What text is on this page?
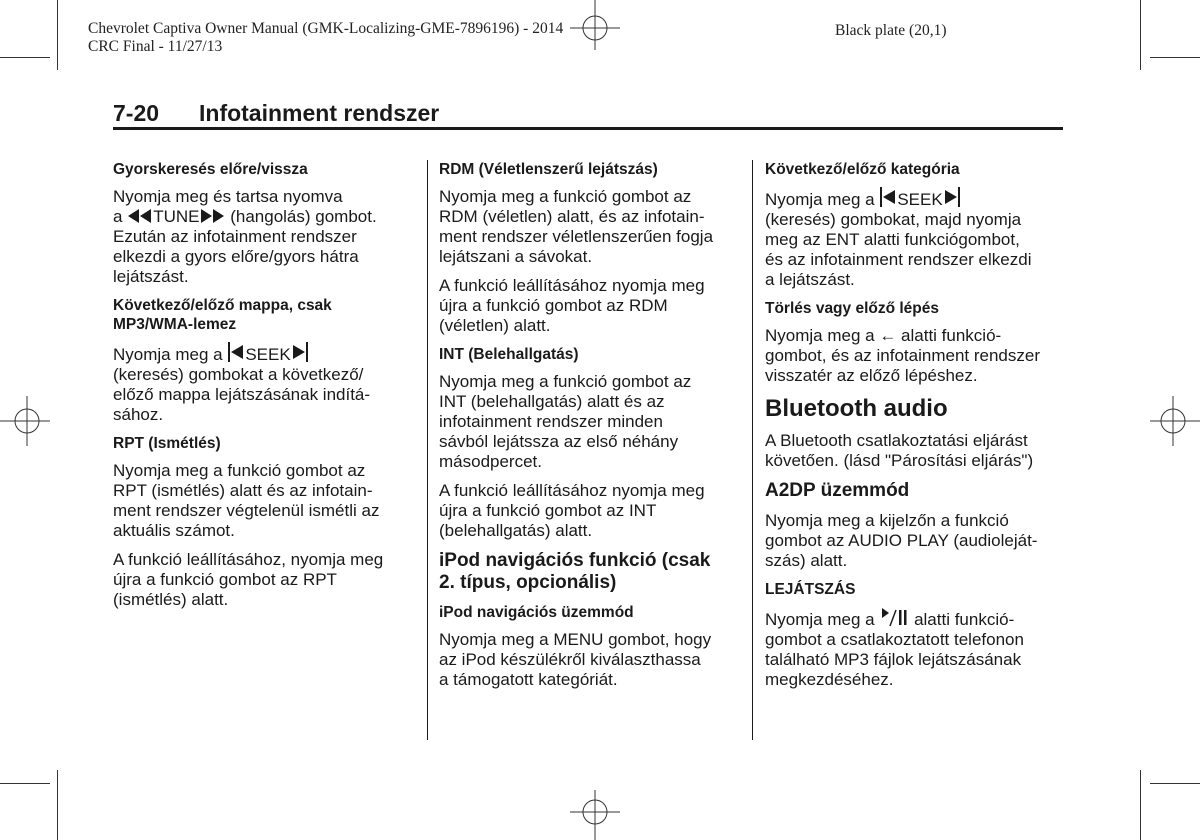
Chevrolet Captiva Owner Manual (GMK-Localizing-GME-7896196) - 2014
CRC Final - 11/27/13
Black plate (20,1)
7-20 Infotainment rendszer
Gyorskeresés előre/vissza
Nyomja meg és tartsa nyomva
a TUNE (hangolás) gombot.
Ezután az infotainment rendszer
elkezdi a gyors előre/gyors hátra
lejátszást.
Következő/előző mappa, csak
MP3/WMA-lemez
Nyomja meg a SEEK
(keresés) gombokat a következő/
előző mappa lejátszásának indítá-
sához.
RPT (Ismétlés)
Nyomja meg a funkció gombot az
RPT (ismétlés) alatt és az infotain-
ment rendszer végtelenül ismétli az
aktuális számot.
A funkció leállításához, nyomja meg
újra a funkció gombot az RPT
(ismétlés) alatt.
RDM (Véletlenszerű lejátszás)
Nyomja meg a funkció gombot az
RDM (véletlen) alatt, és az infotain-
ment rendszer véletlenszerűen fogja
lejátszani a sávokat.
A funkció leállításához nyomja meg
újra a funkció gombot az RDM
(véletlen) alatt.
INT (Belehallgatás)
Nyomja meg a funkció gombot az
INT (belehallgatás) alatt és az
infotainment rendszer minden
sávból lejátssza az első néhány
másodpercet.
A funkció leállításához nyomja meg
újra a funkció gombot az INT
(belehallgatás) alatt.
iPod navigációs funkció (csak
2. típus, opcionális)
iPod navigációs üzemmód
Nyomja meg a MENU gombot, hogy
az iPod készülékről kiválaszthassa
a támogatott kategóriát.
Következő/előző kategória
Nyomja meg a SEEK
(keresés) gombokat, majd nyomja
meg az ENT alatti funkciógombot,
és az infotainment rendszer elkezdi
a lejátszást.
Törlés vagy előző lépés
Nyomja meg a ← alatti funkció-
gombot, és az infotainment rendszer
visszatér az előző lépéshez.
Bluetooth audio
A Bluetooth csatlakoztatási eljárást
követően. (lásd "Párosítási eljárás")
A2DP üzemmód
Nyomja meg a kijelzőn a funkció
gombot az AUDIO PLAY (audioleját-
szás) alatt.
LEJÁTSZÁS
Nyomja meg a alatti funkció-
gombot a csatlakoztatott telefonon
található MP3 fájlok lejátszásának
megkezdéséhez.
